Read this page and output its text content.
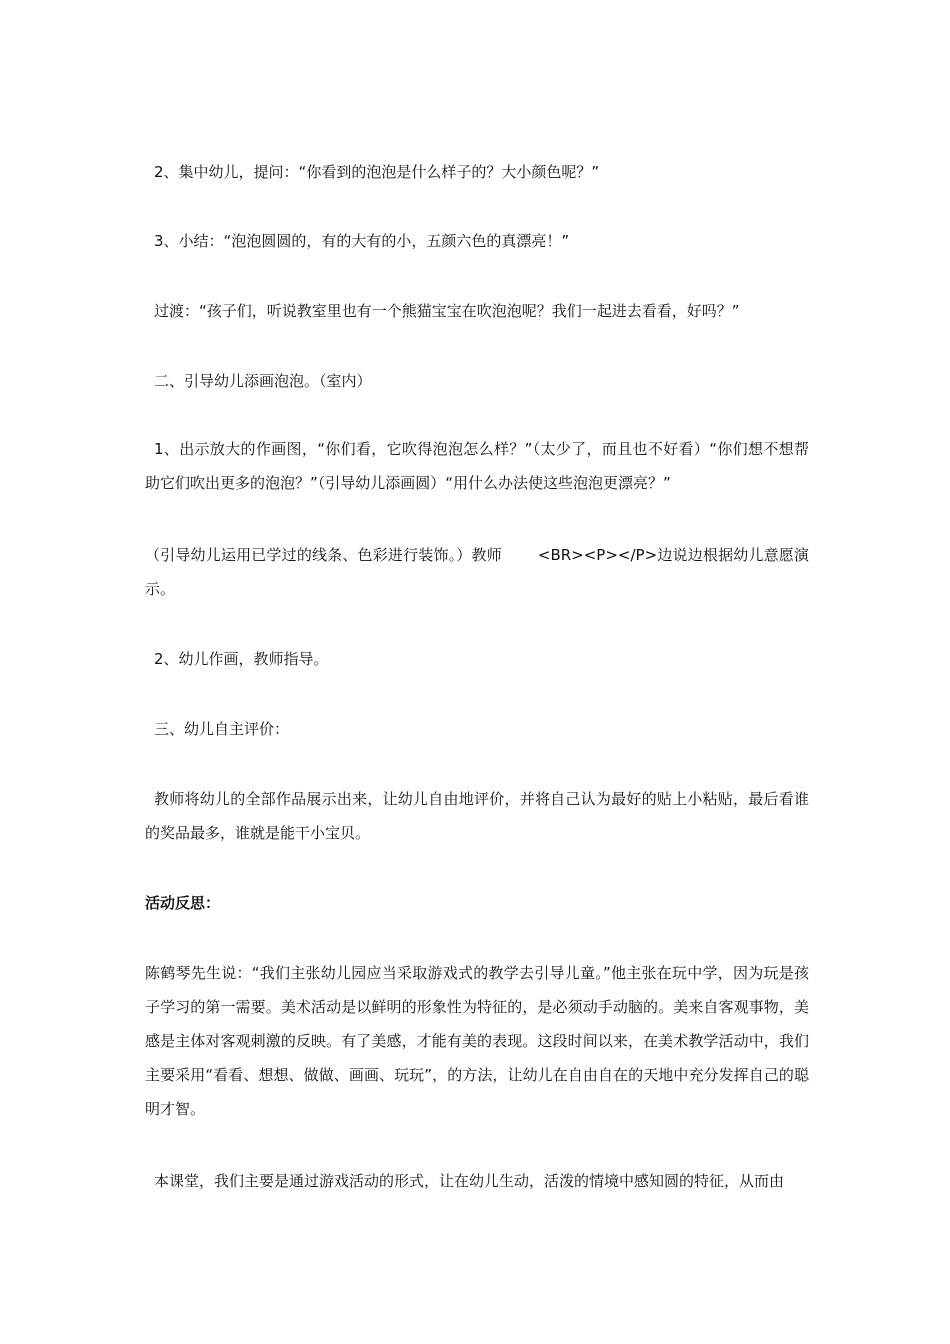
2、集中幼儿，提问：“你看到的泡泡是什么样子的？大小颜色呢？”

3、小结：“泡泡圆圆的，有的大有的小，五颜六色的真漂亮！”

过渡：“孩子们，听说教室里也有一个熊猫宝宝在吹泡泡呢？我们一起进去看看，好吗？”

二、引导幼儿添画泡泡。（室内）

1、出示放大的作画图，“你们看，它吹得泡泡怎么样？”（太少了，而且也不好看）“你们想不想帮助它们吹出更多的泡泡？”（引导幼儿添画圆）“用什么办法使这些泡泡更漂亮？”

（引导幼儿运用已学过的线条、色彩进行装饰。）教师 <BR><P></P>边说边根据幼儿意愿演示。

2、幼儿作画，教师指导。

三、幼儿自主评价：

教师将幼儿的全部作品展示出来，让幼儿自由地评价，并将自己认为最好的贴上小粘贴，最后看谁的奖品最多，谁就是能干小宝贝。

活动反思：

陈鹤琴先生说：“我们主张幼儿园应当采取游戏式的教学去引导儿童。”他主张在玩中学，因为玩是孩子学习的第一需要。美术活动是以鲜明的形象性为特征的，是必须动手动脑的。美来自客观事物，美感是主体对客观刺激的反映。有了美感，才能有美的表现。这段时间以来，在美术教学活动中，我们主要采用“看看、想想、做做、画画、玩玩”，的方法，让幼儿在自由自在的天地中充分发挥自己的聪明才智。

本课堂，我们主要是通过游戏活动的形式，让在幼儿生动，活泼的情境中感知圆的特征，从而由
